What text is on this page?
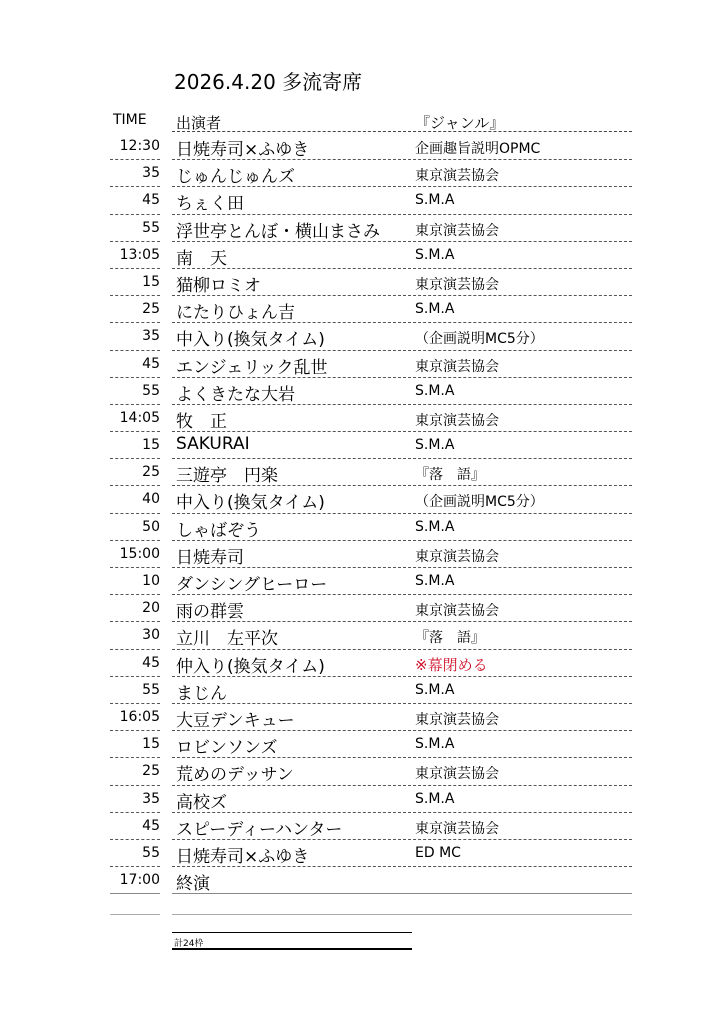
2026.4.20 多流寄席
TIME 出演者	『ジャンル』
12:30 日焼寿司×ふゆき	企画趣旨説明OPMC
35 じゅんじゅんズ	東京演芸協会
45 ちぇく田	S.M.A
55 浮世亭とんぼ・横山まさみ	東京演芸協会
13:05 南　天	S.M.A
15 猫柳ロミオ	東京演芸協会
25 にたりひょん吉	S.M.A
35 中入り(換気タイム)	（企画説明MC5分）
45 エンジェリック乱世	東京演芸協会
55 よくきたな大岩	S.M.A
14:05 牧　正	東京演芸協会
15 SAKURAI	S.M.A
25 三遊亭　円楽	『落　語』
40 中入り(換気タイム)	（企画説明MC5分）
50 しゃばぞう	S.M.A
15:00 日焼寿司	東京演芸協会
10 ダンシングヒーロー	S.M.A
20 雨の群雲	東京演芸協会
30 立川　左平次	『落　語』
45 仲入り(換気タイム)	※幕閉める
55 まじん	S.M.A
16:05 大豆デンキュー	東京演芸協会
15 ロビンソンズ	S.M.A
25 荒めのデッサン	東京演芸協会
35 高校ズ	S.M.A
45 スピーディーハンター	東京演芸協会
55 日焼寿司×ふゆき	ED MC
17:00 終演
計24枠
